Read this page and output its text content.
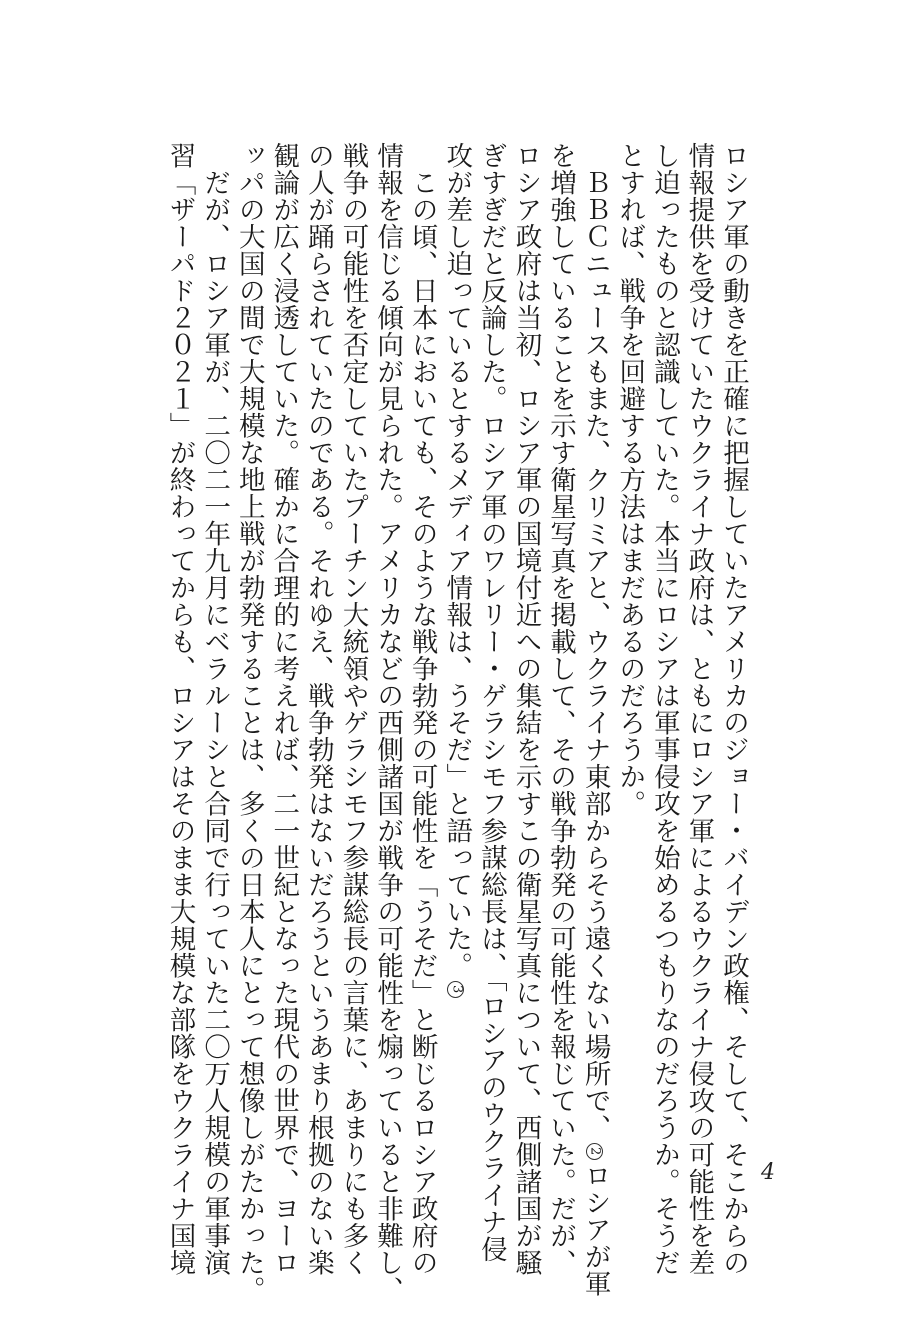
ロシア軍の動きを正確に把握していたアメリカのジョー・バイデン政権、そして、そこからの
情報提供を受けていたウクライナ政府は、ともにロシア軍によるウクライナ侵攻の可能性を差
し迫ったものと認識していた。本当にロシアは軍事侵攻を始めるつもりなのだろうか。そうだ
とすれば、戦争を回避する方法はまだあるのだろうか。
　ＢＢＣニュースもまた、クリミアと、ウクライナ東部からそう遠くない場所で、2ロシアが軍
を増強していることを示す衛星写真を掲載して、その戦争勃発の可能性を報じていた。だが、
ロシア政府は当初、ロシア軍の国境付近への集結を示すこの衛星写真について、西側諸国が騒
ぎすぎだと反論した。ロシア軍のワレリー・ゲラシモフ参謀総長は、「ロシアのウクライナ侵
攻が差し迫っているとするメディア情報は、うそだ」と語っていた。3
　この頃、日本においても、そのような戦争勃発の可能性を「うそだ」と断じるロシア政府の
情報を信じる傾向が見られた。アメリカなどの西側諸国が戦争の可能性を煽っていると非難し、
戦争の可能性を否定していたプーチン大統領やゲラシモフ参謀総長の言葉に、あまりにも多く
の人が踊らされていたのである。それゆえ、戦争勃発はないだろうというあまり根拠のない楽
観論が広く浸透していた。確かに合理的に考えれば、二一世紀となった現代の世界で、ヨーロ
ッパの大国の間で大規模な地上戦が勃発することは、多くの日本人にとって想像しがたかった。
　だが、ロシア軍が、二〇二一年九月にベラルーシと合同で行っていた二〇万人規模の軍事演
習「ザーパド２０２１」が終わってからも、ロシアはそのまま大規模な部隊をウクライナ国境	4
